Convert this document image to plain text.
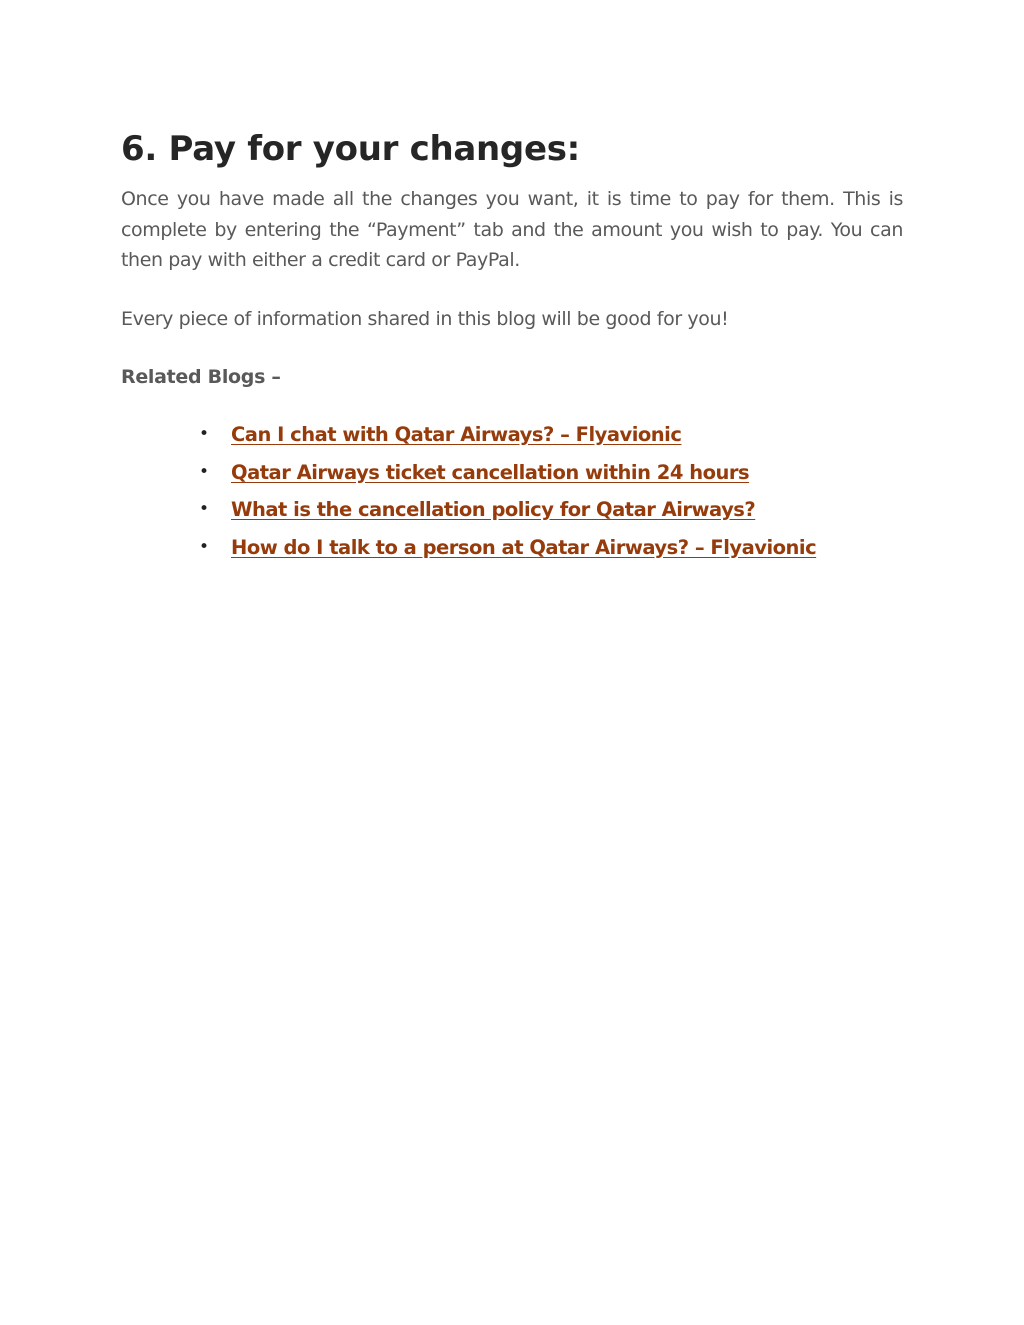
6. Pay for your changes:

Once you have made all the changes you want, it is time to pay for them. This is complete by entering the “Payment” tab and the amount you wish to pay. You can then pay with either a credit card or PayPal.

Every piece of information shared in this blog will be good for you!

Related Blogs –

• Can I chat with Qatar Airways? – Flyavionic
• Qatar Airways ticket cancellation within 24 hours
• What is the cancellation policy for Qatar Airways?
• How do I talk to a person at Qatar Airways? – Flyavionic
